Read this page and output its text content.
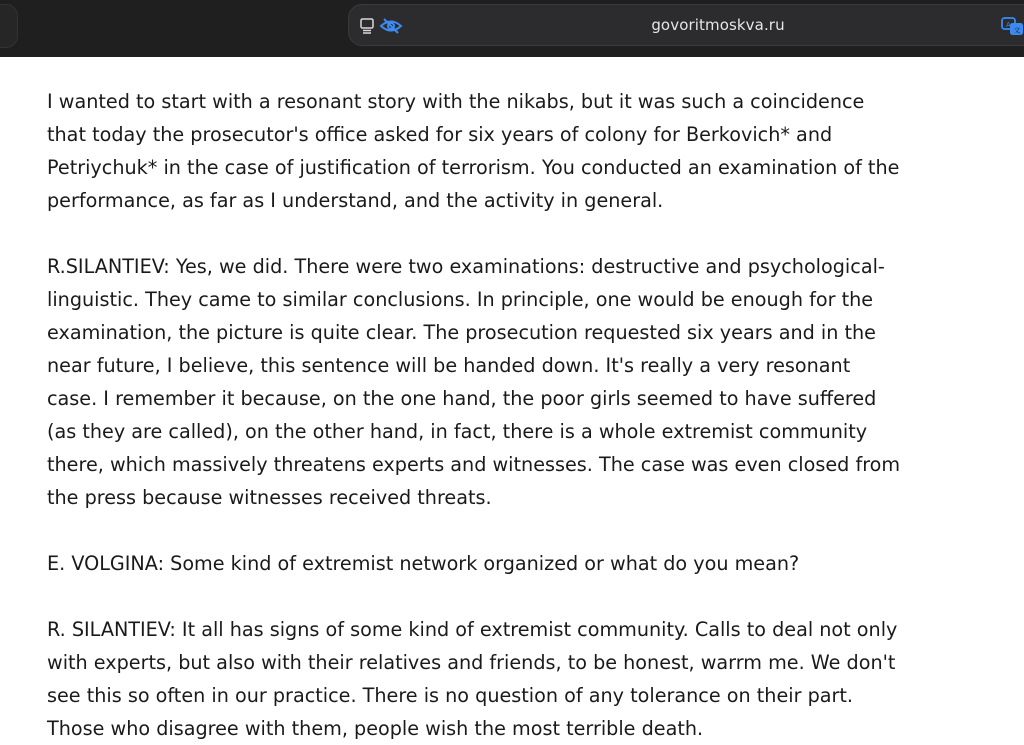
govoritmoskva.ru	A
文

I wanted to start with a resonant story with the nikabs, but it was such a coincidence
that today the prosecutor's office asked for six years of colony for Berkovich* and
Petriychuk* in the case of justification of terrorism. You conducted an examination of the
performance, as far as I understand, and the activity in general.

R.SILANTIEV: Yes, we did. There were two examinations: destructive and psychological-
linguistic. They came to similar conclusions. In principle, one would be enough for the
examination, the picture is quite clear. The prosecution requested six years and in the
near future, I believe, this sentence will be handed down. It's really a very resonant
case. I remember it because, on the one hand, the poor girls seemed to have suffered
(as they are called), on the other hand, in fact, there is a whole extremist community
there, which massively threatens experts and witnesses. The case was even closed from
the press because witnesses received threats.

E. VOLGINA: Some kind of extremist network organized or what do you mean?

R. SILANTIEV: It all has signs of some kind of extremist community. Calls to deal not only
with experts, but also with their relatives and friends, to be honest, warrm me. We don't
see this so often in our practice. There is no question of any tolerance on their part.
Those who disagree with them, people wish the most terrible death.
